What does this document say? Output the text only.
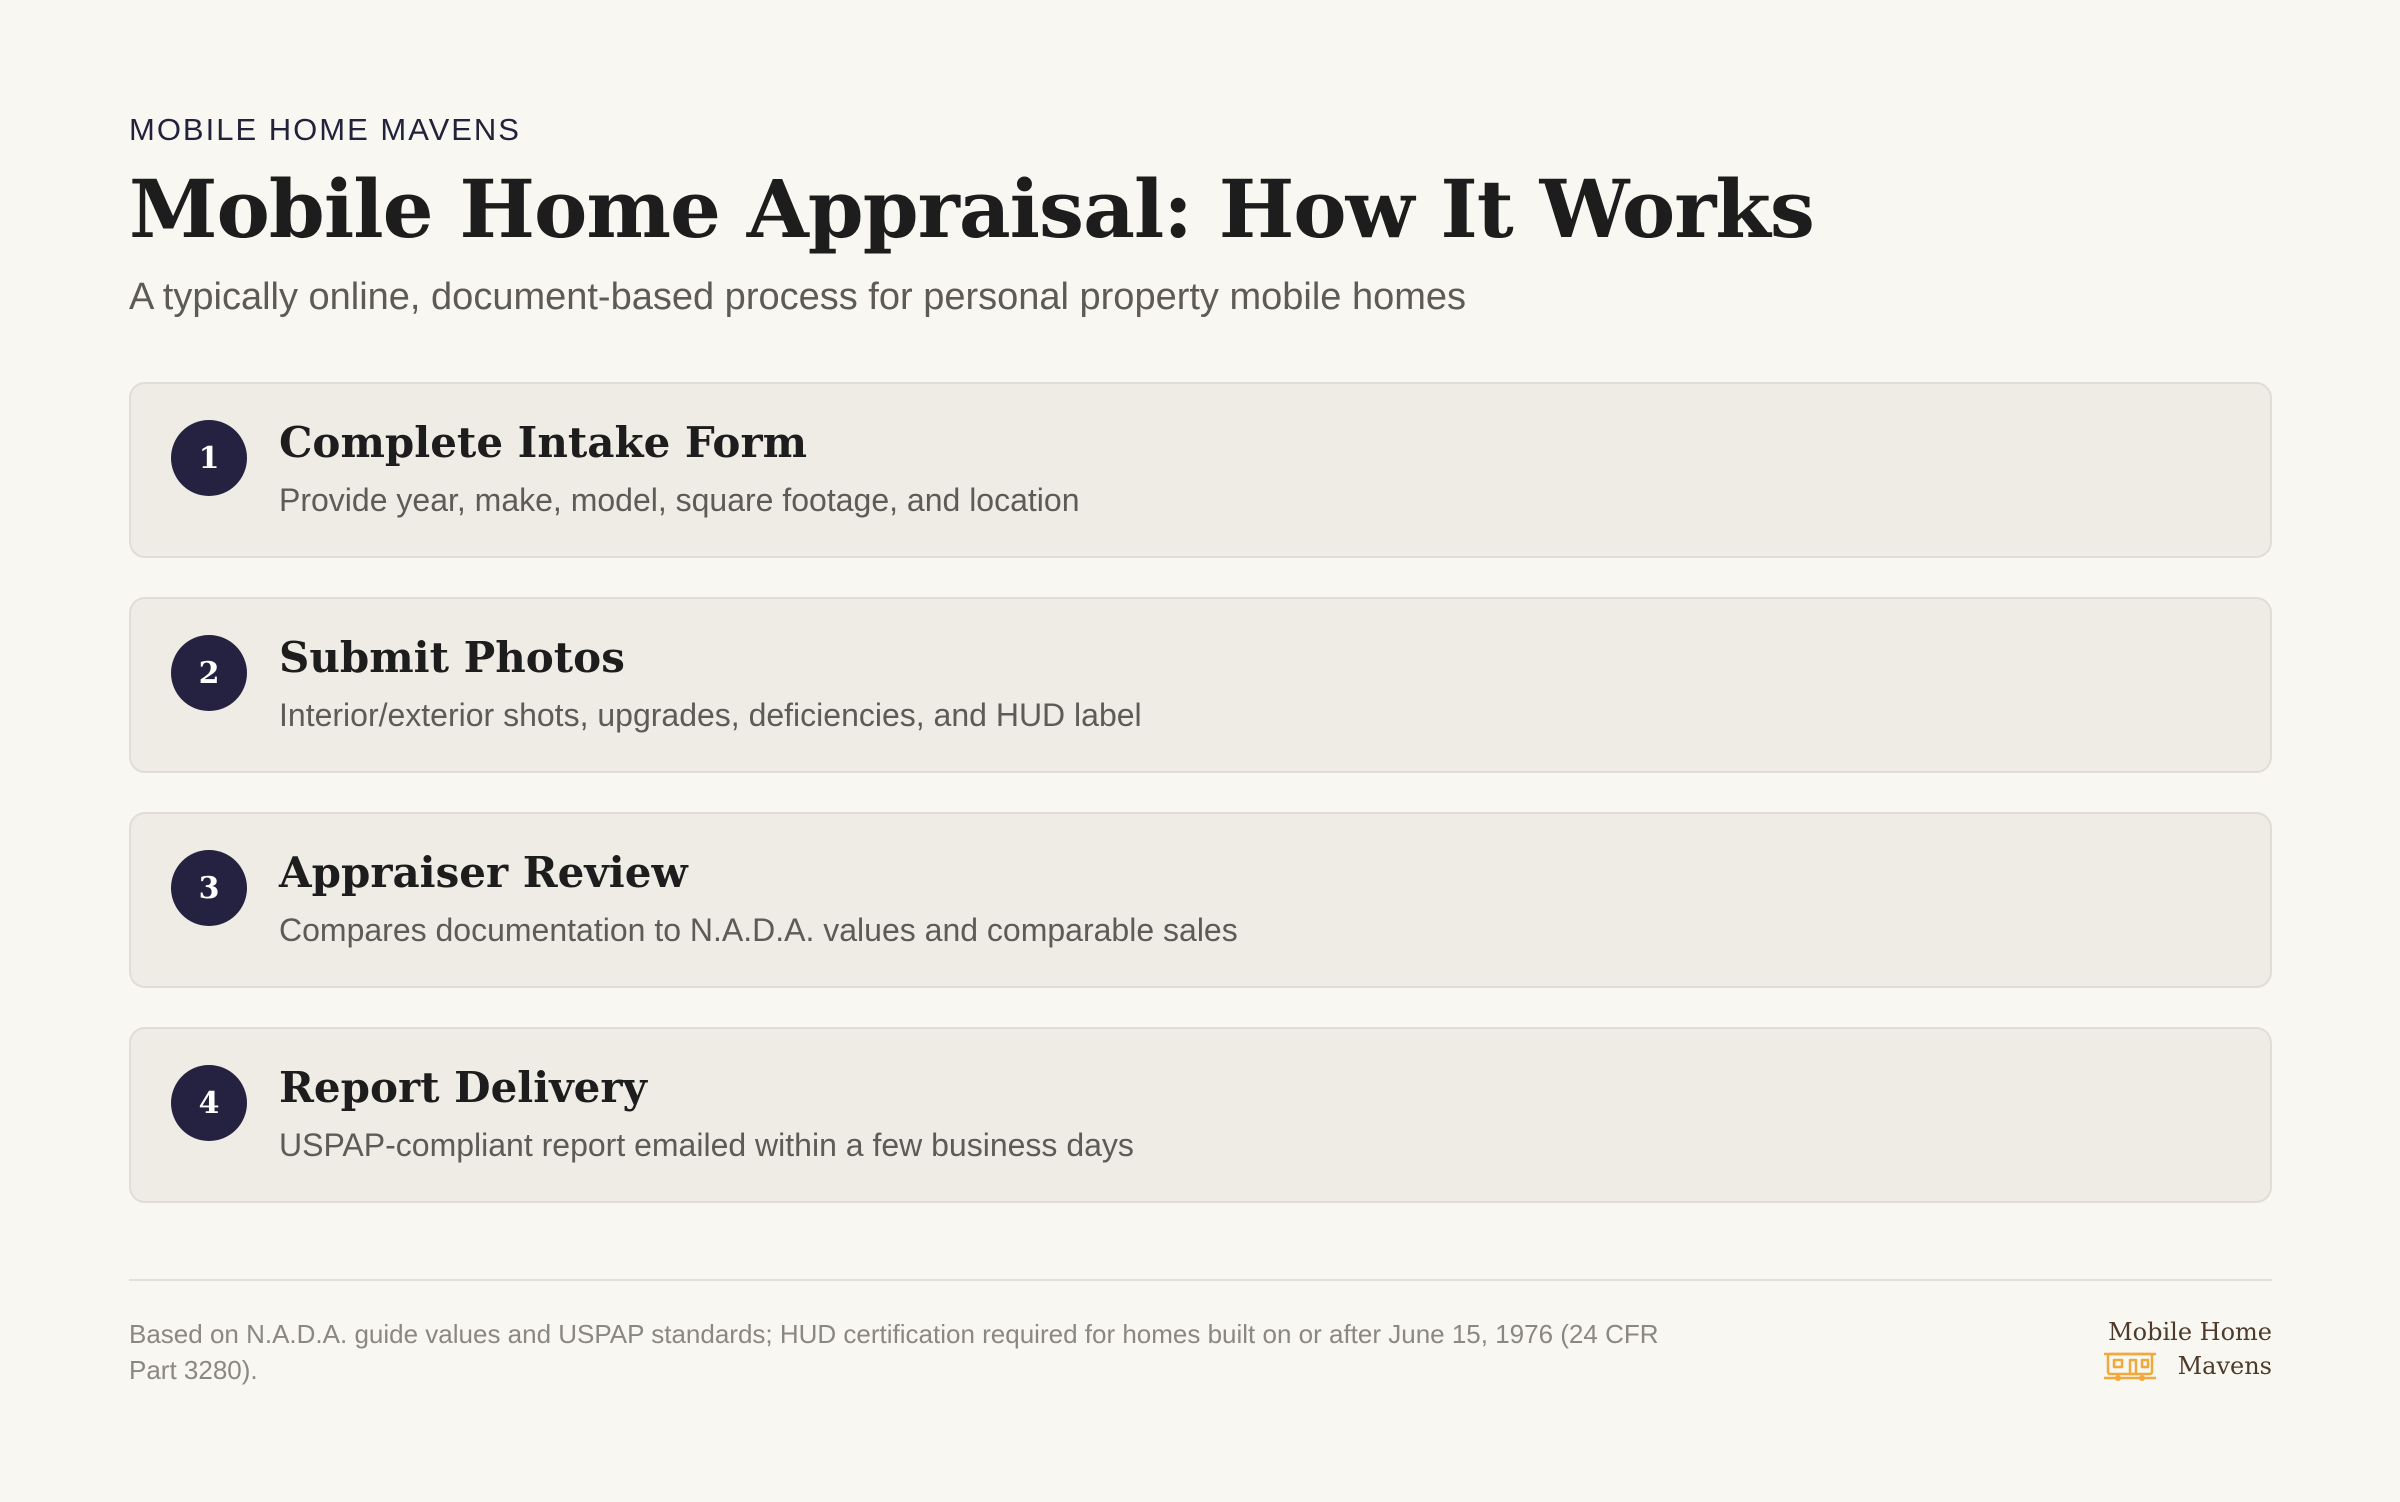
MOBILE HOME MAVENS
Mobile Home Appraisal: How It Works
A typically online, document-based process for personal property mobile homes
1	Complete Intake Form
Provide year, make, model, square footage, and location
2	Submit Photos
Interior/exterior shots, upgrades, deficiencies, and HUD label
3	Appraiser Review
Compares documentation to N.A.D.A. values and comparable sales
4	Report Delivery
USPAP-compliant report emailed within a few business days
Based on N.A.D.A. guide values and USPAP standards; HUD certification required for homes built on or after June 15, 1976 (24 CFR Part 3280).
Mobile Home
Mavens
